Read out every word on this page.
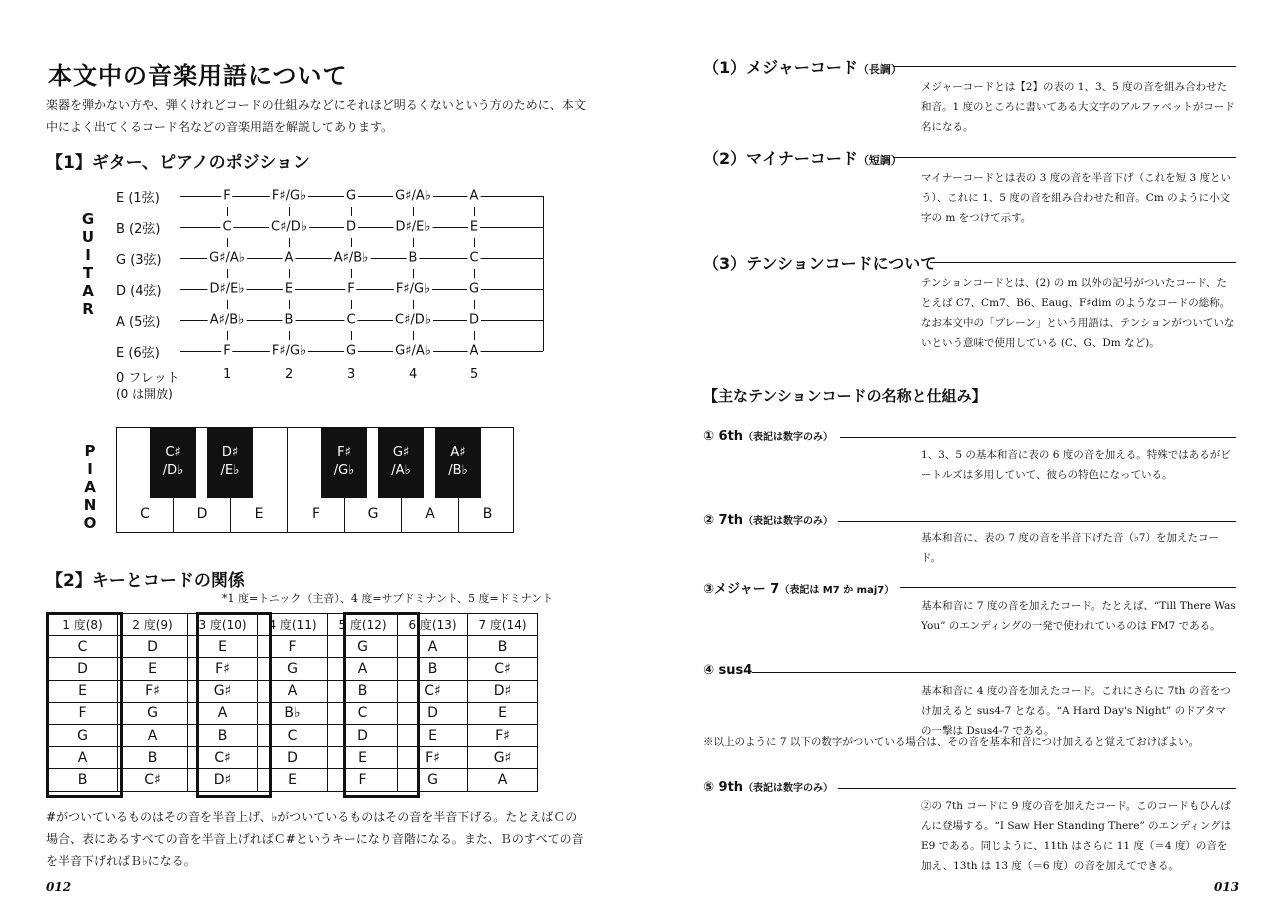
本文中の音楽用語について
楽器を弾かない方や、弾くけれどコードの仕組みなどにそれほど明るくないという方のために、本文中によく出てくるコード名などの音楽用語を解説してあります。
【1】ギター、ピアノのポジション
G
U
I
T
A
R
0 フレット
(0 は開放)
E (1弦)	F	F♯/G♭	G	G♯/A♭	A
B (2弦)	C	C♯/D♭	D	D♯/E♭	E
G (3弦)	G♯/A♭	A	A♯/B♭	B	C
D (4弦)	D♯/E♭	E	F	F♯/G♭	G
A (5弦)	A♯/B♭	B	C	C♯/D♭	D
E (6弦)	F	F♯/G♭	G	G♯/A♭	A
1	2	3	4	5
P
I
A
N
O	C	D	E	F	G	A	B
C♯
/D♭
D♯
/E♭
F♯
/G♭
G♯
/A♭
A♯
/B♭
【2】キーとコードの関係
*1 度=トニック（主音）、4 度=サブドミナント、5 度=ドミナント
1 度(8)	2 度(9)	3 度(10)	4 度(11)	5 度(12)	6 度(13)	7 度(14)
C	D	E	F	G	A	B
D	E	F♯	G	A	B	C♯
E	F♯	G♯	A	B	C♯	D♯
F	G	A	B♭	C	D	E
G	A	B	C	D	E	F♯
A	B	C♯	D	E	F♯	G♯
B	C♯	D♯	E	F	G	A
#がついているものはその音を半音上げ、♭がついているものはその音を半音下げる。たとえばＣの場合、表にあるすべての音を半音上げればＣ#というキーになり音階になる。また、Ｂのすべての音を半音下げればＢ♭になる。
012
（1）メジャーコード（長調）
メジャーコードとは【2】の表の 1、3、5 度の音を組み合わせた和音。1 度のところに書いてある大文字のアルファベットがコード名になる。
（2）マイナーコード（短調）
マイナーコードとは表の 3 度の音を半音下げ（これを短 3 度という）、これに 1、5 度の音を組み合わせた和音。Cm のように小文字の m をつけて示す。
（3）テンションコードについて
テンションコードとは、(2) の m 以外の記号がついたコード、たとえば C7、Cm7、B6、Eaug、F♯dim のようなコードの総称。なお本文中の「プレーン」という用語は、テンションがついていないという意味で使用している (C、G、Dm など)。
【主なテンションコードの名称と仕組み】
① 6th（表記は数字のみ）
1、3、5 の基本和音に表の 6 度の音を加える。特殊ではあるがビートルズは多用していて、彼らの特色になっている。
② 7th（表記は数字のみ）
基本和音に、表の 7 度の音を半音下げた音（♭7）を加えたコード。
③メジャー 7（表記は M7 か maj7）
基本和音に 7 度の音を加えたコード。たとえば、“Till There Was You” のエンディングの一発で使われているのは FM7 である。
④ sus4
基本和音に 4 度の音を加えたコード。これにさらに 7th の音をつけ加えると sus4-7 となる。“A Hard Day's Night” のドアタマの一撃は Dsus4-7 である。
⑤ 9th（表記は数字のみ）
②の 7th コードに 9 度の音を加えたコード。このコードもひんぱんに登場する。“I Saw Her Standing There” のエンディングは E9 である。同じように、11th はさらに 11 度（＝4 度）の音を加え、13th は 13 度（＝6 度）の音を加えてできる。
※以上のように 7 以下の数字がついている場合は、その音を基本和音につけ加えると覚えておけばよい。
013
